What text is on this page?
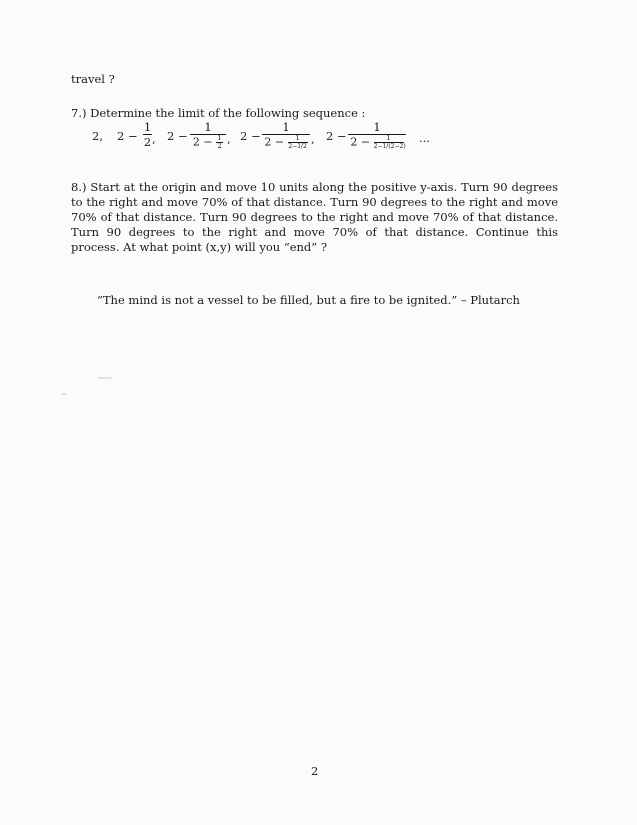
travel ?
7.) Determine the limit of the following sequence :
2, 2 −
1
2 , 2 −
1
$2 - \frac{1}{2}$ , 2 −
1
$2 - \frac{1}{2-1/2}$ , 2 −
1
$2 - \frac{1}{2-1/(2-2)}$ ...
8.) Start at the origin and move 10 units along the positive y-axis. Turn 90 degrees to the right and move 70% of that distance. Turn 90 degrees to the right and move 70% of that distance. Turn 90 degrees to the right and move 70% of that distance. Turn 90 degrees to the right and move 70% of that distance. Continue this process. At what point (x,y) will you “end” ?
“The mind is not a vessel to be filled, but a fire to be ignited.” – Plutarch
2
